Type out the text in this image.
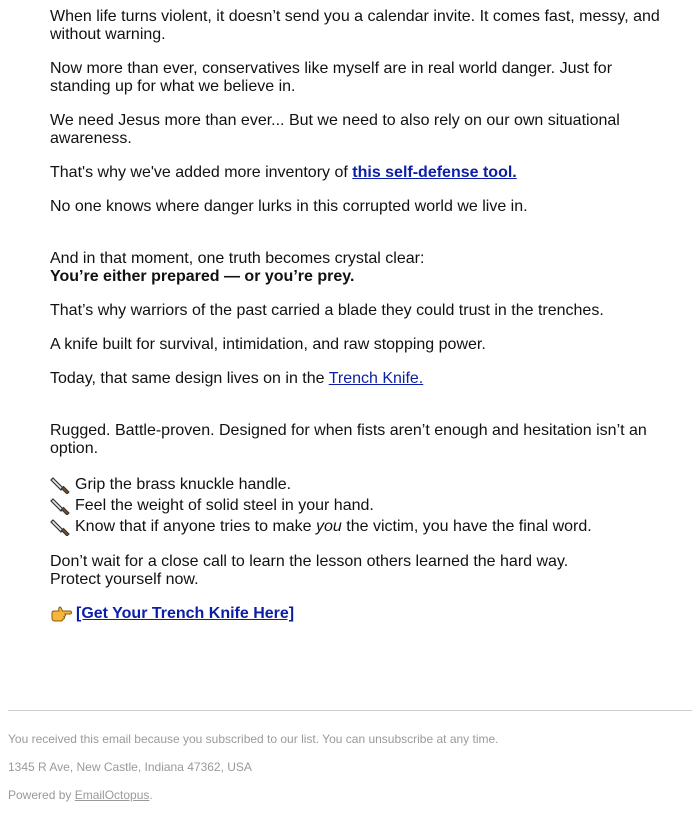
When life turns violent, it doesn’t send you a calendar invite. It comes fast, messy, and without warning.

Now more than ever, conservatives like myself are in real world danger. Just for standing up for what we believe in.

We need Jesus more than ever... But we need to also rely on our own situational awareness.

That's why we've added more inventory of this self-defense tool.

No one knows where danger lurks in this corrupted world we live in.

And in that moment, one truth becomes crystal clear:
You’re either prepared — or you’re prey.

That’s why warriors of the past carried a blade they could trust in the trenches.

A knife built for survival, intimidation, and raw stopping power.

Today, that same design lives on in the Trench Knife.

Rugged. Battle-proven. Designed for when fists aren’t enough and hesitation isn’t an option.

Grip the brass knuckle handle.
Feel the weight of solid steel in your hand.
Know that if anyone tries to make you the victim, you have the final word.

Don’t wait for a close call to learn the lesson others learned the hard way.
Protect yourself now.

[Get Your Trench Knife Here]

You received this email because you subscribed to our list. You can unsubscribe at any time.

1345 R Ave, New Castle, Indiana 47362, USA

Powered by EmailOctopus.
